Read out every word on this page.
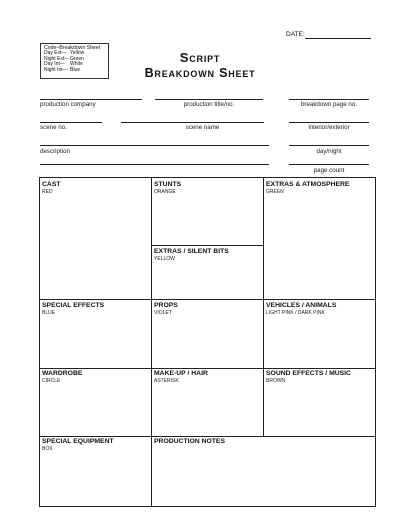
DATE:
Code–Breakdown Sheet
Day Ext— Yellow
Night Ext— Green
Day Int—	White
Night Int— Blue
Script
Breakdown Sheet
production company	production title/no.	breakdown page no.
scene no.	scene name	interior/exterior
description	day/night
page count
CAST
RED
STUNTS
ORANGE
EXTRAS & ATMOSPHERE
GREEN
EXTRAS / SILENT BITS
YELLOW
SPECIAL EFFECTS
BLUE
PROPS
VIOLET
VEHICLES / ANIMALS
LIGHT PINK / DARK PINK
WARDROBE
CIRCLE
MAKE-UP / HAIR
ASTERISK
SOUND EFFECTS / MUSIC
BROWN
SPECIAL EQUIPMENT
BOX
PRODUCTION NOTES
